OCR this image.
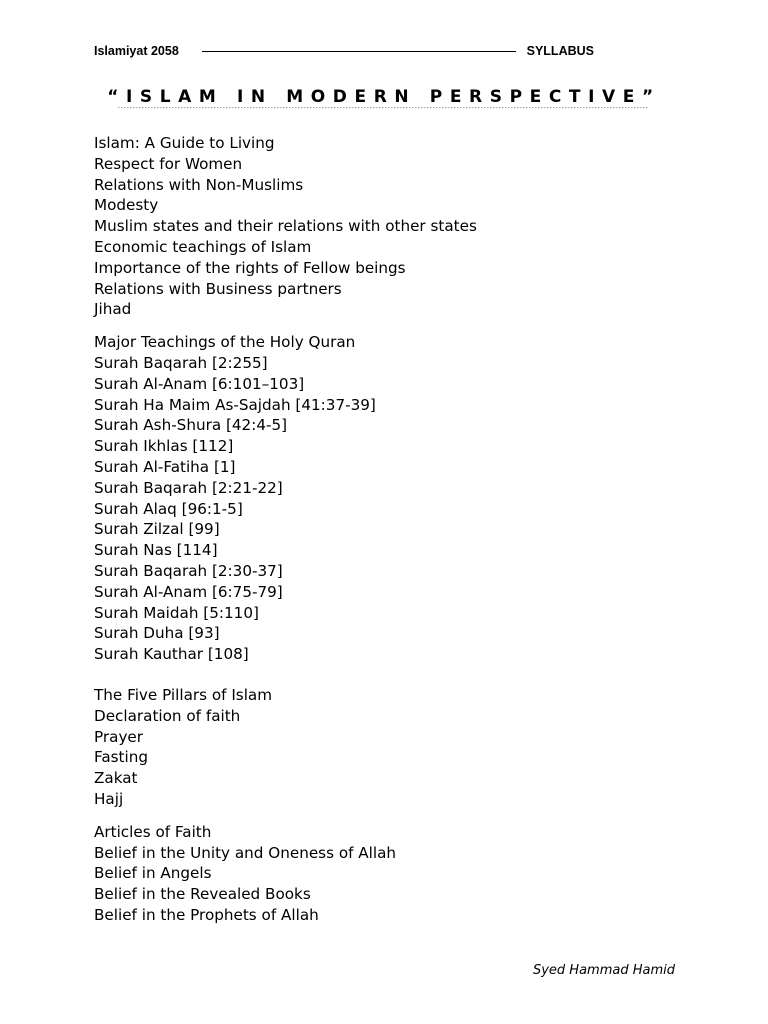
Islamiyat 2058	SYLLABUS
“ISLAM IN MODERN PERSPECTIVE”
Islam: A Guide to Living
Respect for Women
Relations with Non-Muslims
Modesty
Muslim states and their relations with other states
Economic teachings of Islam
Importance of the rights of Fellow beings
Relations with Business partners
Jihad
Major Teachings of the Holy Quran
Surah Baqarah [2:255]
Surah Al-Anam [6:101–103]
Surah Ha Maim As-Sajdah [41:37-39]
Surah Ash-Shura [42:4-5]
Surah Ikhlas [112]
Surah Al-Fatiha [1]
Surah Baqarah [2:21-22]
Surah Alaq [96:1-5]
Surah Zilzal [99]
Surah Nas [114]
Surah Baqarah [2:30-37]
Surah Al-Anam [6:75-79]
Surah Maidah [5:110]
Surah Duha [93]
Surah Kauthar [108]
The Five Pillars of Islam
Declaration of faith
Prayer
Fasting
Zakat
Hajj
Articles of Faith
Belief in the Unity and Oneness of Allah
Belief in Angels
Belief in the Revealed Books
Belief in the Prophets of Allah
Syed Hammad Hamid
